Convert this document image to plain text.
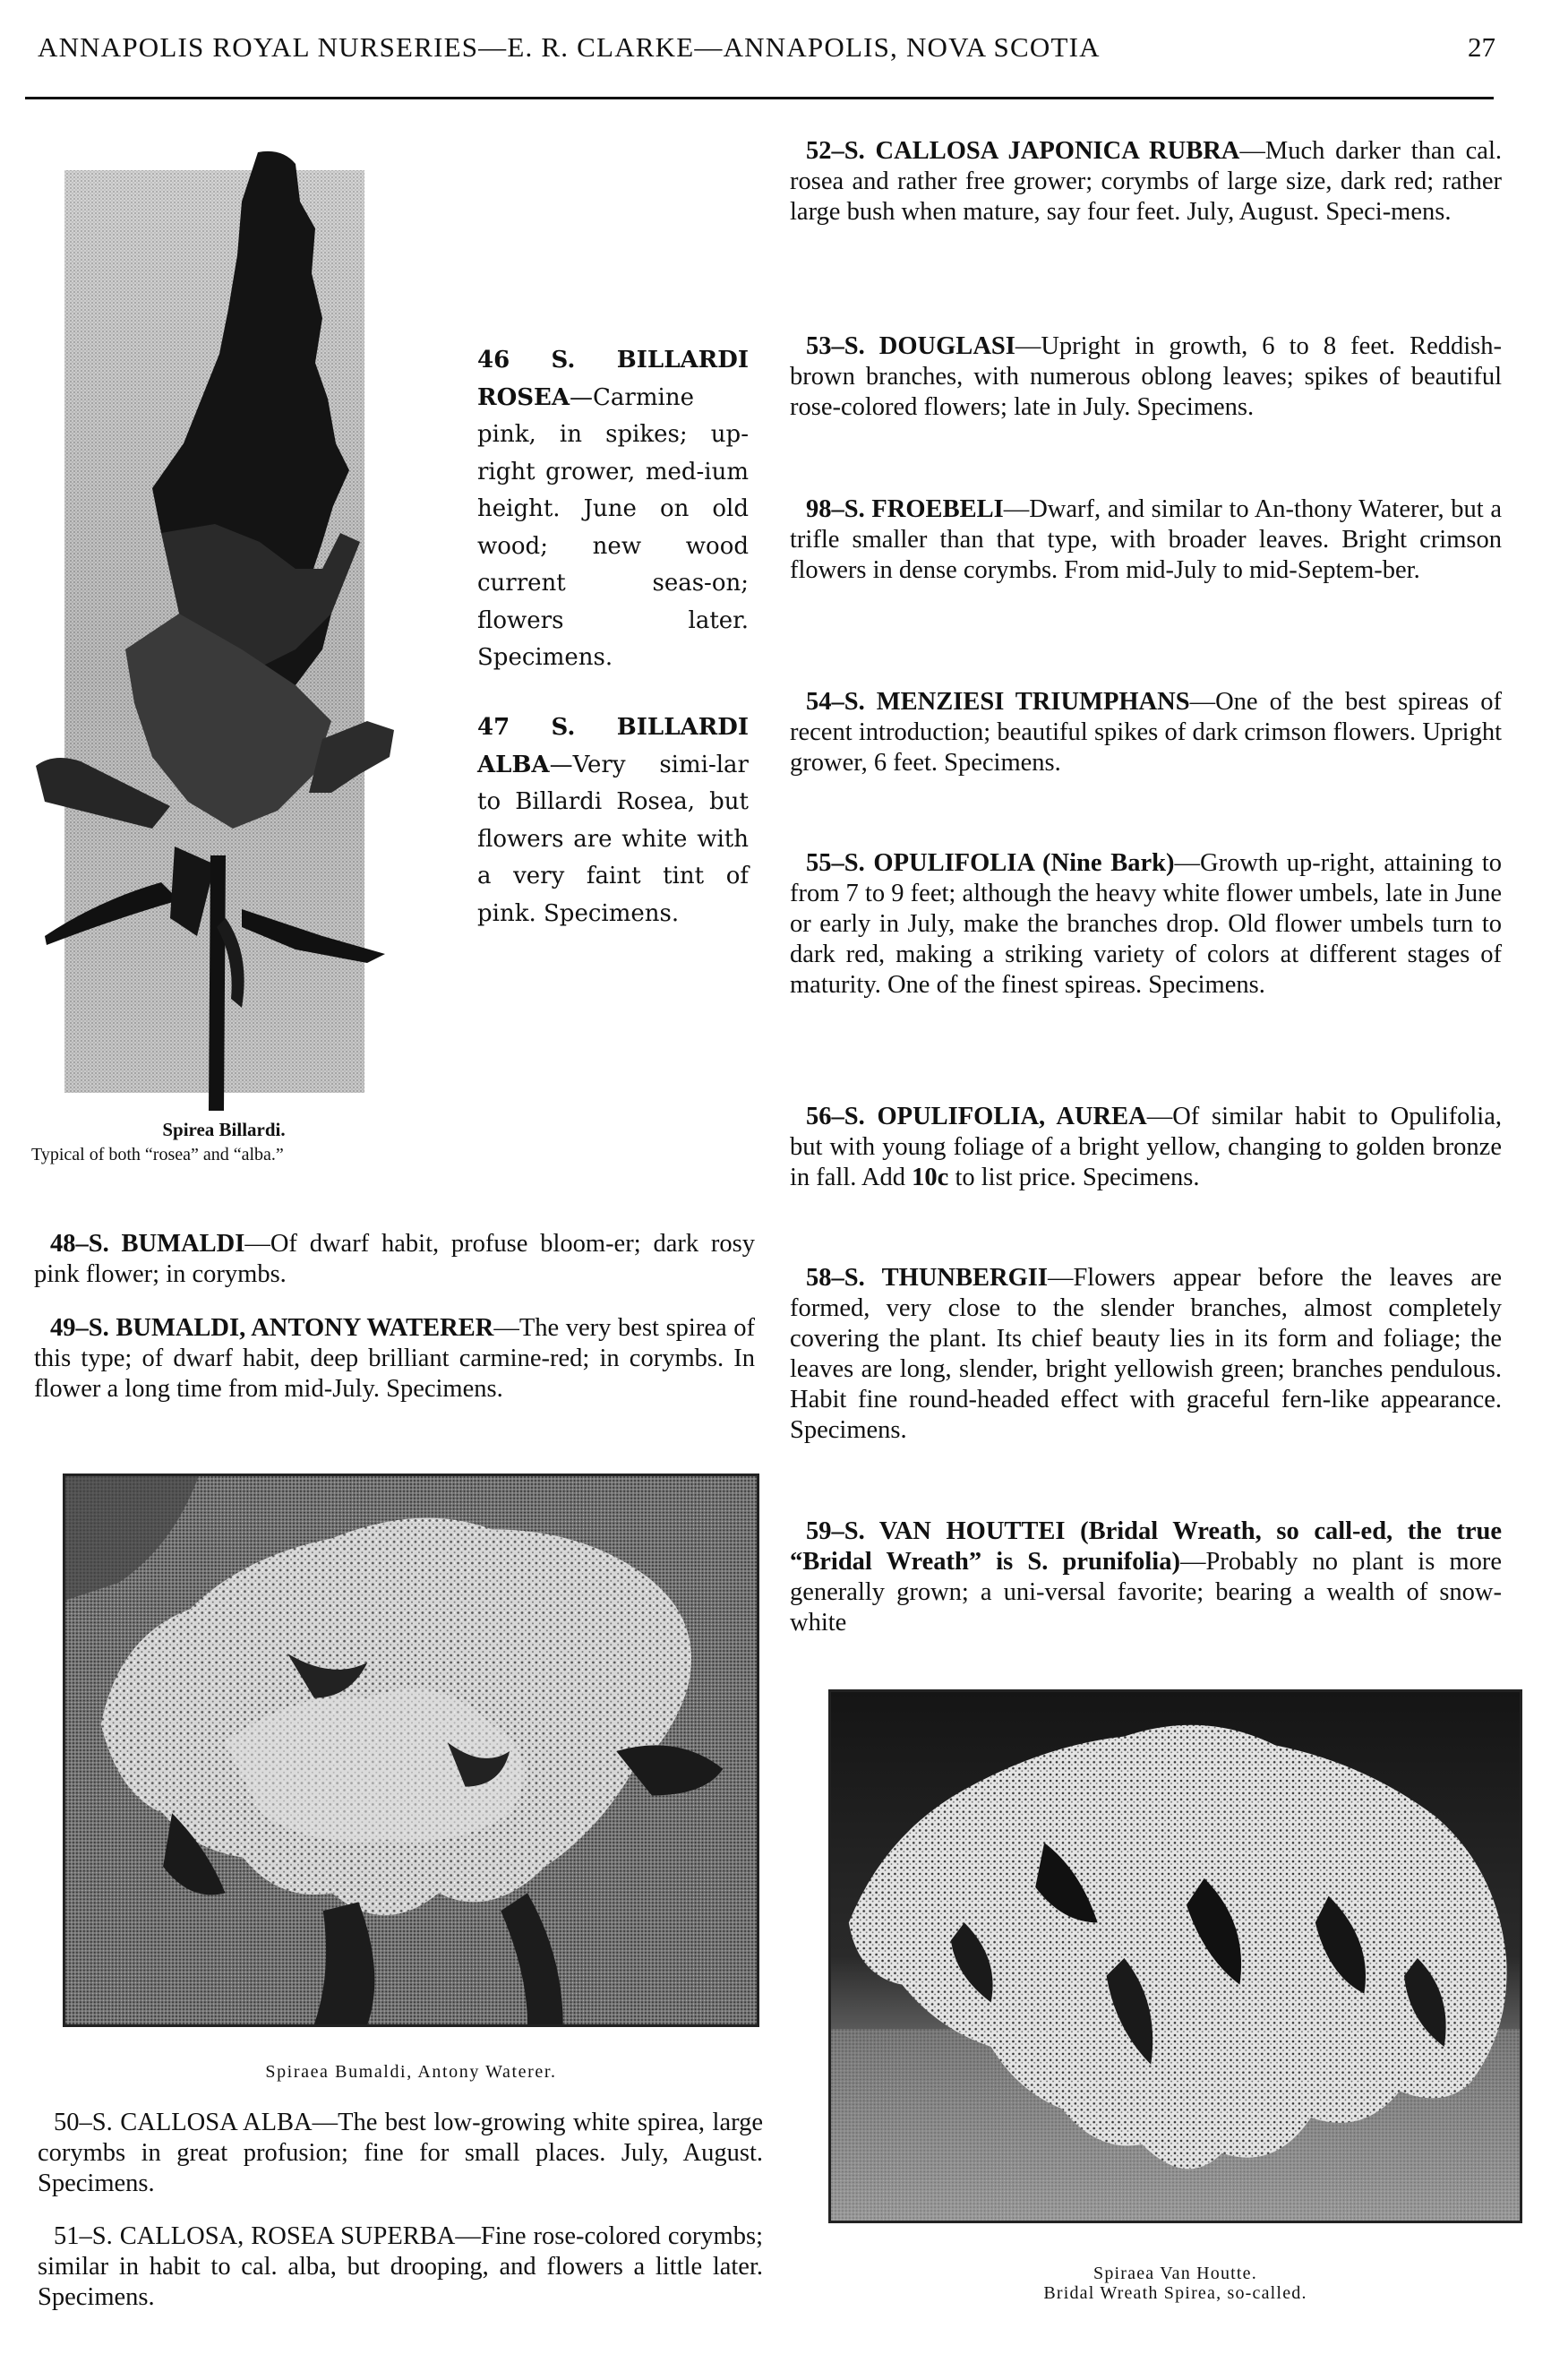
ANNAPOLIS ROYAL NURSERIES—E. R. CLARKE—ANNAPOLIS, NOVA SCOTIA	27
46 S. BILLARDI ROSEA—Carmine pink, in spikes; up-right grower, med-ium height. June on old wood; new wood current seas-on; flowers later. Specimens.
47 S. BILLARDI ALBA—Very simi-lar to Billardi Rosea, but flowers are white with a very faint tint of pink. Specimens.
Spirea Billardi.
Typical of both “rosea” and “alba.”
48–S. BUMALDI—Of dwarf habit, profuse bloom-er; dark rosy pink flower; in corymbs.
49–S. BUMALDI, ANTONY WATERER—The very best spirea of this type; of dwarf habit, deep brilliant carmine-red; in corymbs. In flower a long time from mid-July. Specimens.
Spiraea Bumaldi, Antony Waterer.
50–S. CALLOSA ALBA—The best low-growing white spirea, large corymbs in great profusion; fine for small places. July, August. Specimens.
51–S. CALLOSA, ROSEA SUPERBA—Fine rose-colored corymbs; similar in habit to cal. alba, but drooping, and flowers a little later. Specimens.
52–S. CALLOSA JAPONICA RUBRA—Much darker than cal. rosea and rather free grower; corymbs of large size, dark red; rather large bush when mature, say four feet. July, August. Speci-mens.
53–S. DOUGLASI—Upright in growth, 6 to 8 feet. Reddish-brown branches, with numerous oblong leaves; spikes of beautiful rose-colored flowers; late in July. Specimens.
98–S. FROEBELI—Dwarf, and similar to An-thony Waterer, but a trifle smaller than that type, with broader leaves. Bright crimson flowers in dense corymbs. From mid-July to mid-Septem-ber.
54–S. MENZIESI TRIUMPHANS—One of the best spireas of recent introduction; beautiful spikes of dark crimson flowers. Upright grower, 6 feet. Specimens.
55–S. OPULIFOLIA (Nine Bark)—Growth up-right, attaining to from 7 to 9 feet; although the heavy white flower umbels, late in June or early in July, make the branches drop. Old flower umbels turn to dark red, making a striking variety of colors at different stages of maturity. One of the finest spireas. Specimens.
56–S. OPULIFOLIA, AUREA—Of similar habit to Opulifolia, but with young foliage of a bright yellow, changing to golden bronze in fall. Add 10c to list price. Specimens.
58–S. THUNBERGII—Flowers appear before the leaves are formed, very close to the slender branches, almost completely covering the plant. Its chief beauty lies in its form and foliage; the leaves are long, slender, bright yellowish green; branches pendulous. Habit fine round-headed effect with graceful fern-like appearance. Specimens.
59–S. VAN HOUTTEI (Bridal Wreath, so call-ed, the true “Bridal Wreath” is S. prunifolia)—Probably no plant is more generally grown; a uni-versal favorite; bearing a wealth of snow-white
Spiraea Van Houtte.
Bridal Wreath Spirea, so-called.
